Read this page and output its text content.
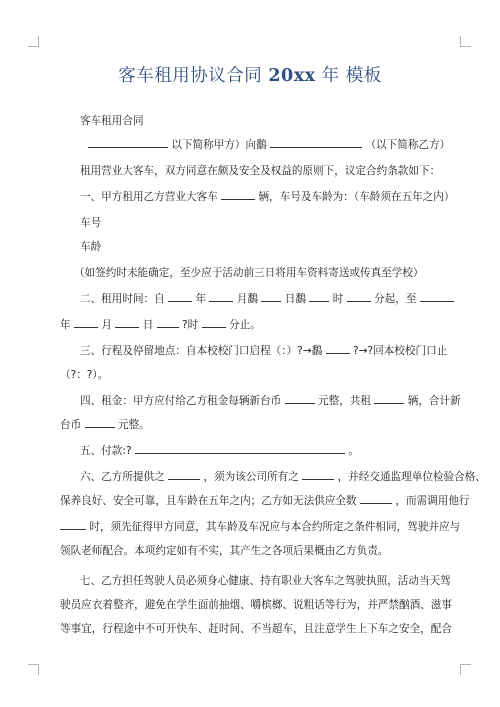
客车租用协议合同 20xx 年 模板
客车租用合同
以下简称甲方）向鷭	（以下简称乙方）
租用营业大客车，双方同意在颇及安全及权益的原则下，议定合约条款如下：
一、甲方租用乙方营业大客车	辆，车号及车龄为：（车龄须在五年之内）
车号
车龄
（如签约时未能确定，至少应于活动前三日将用车资料寄送或传真至学校）
二、租用时间：自	年	月鷭	日鷭	时	分起，至
年	月	日	?时	分止。
三、行程及停留地点：自本校校门口启程（：）?→鷭	?→?回本校校门口止
（?：?）。
四、租金：甲方应付给乙方租金每辆新台币	元整，共租	辆，合计新
台币	元整。
五、付款:?	。
六、乙方所提供之	，须为该公司所有之	，并经交通监理单位检验合格、
保养良好、安全可靠，且车龄在五年之内；乙方如无法供应全数	，而需调用他行
时，须先征得甲方同意，其车龄及车况应与本合约所定之条件相同，驾驶并应与
领队老师配合。本项约定如有不实，其产生之各项后果概由乙方负责。
七、乙方担任驾驶人员必须身心健康、持有职业大客车之驾驶执照，活动当天驾
驶员应衣着整齐，避免在学生面前抽烟、嚼槟榔、说粗话等行为，并严禁酗酒、滋事
等事宜，行程途中不可开快车、赶时间、不当超车，且注意学生上下车之安全，配合
